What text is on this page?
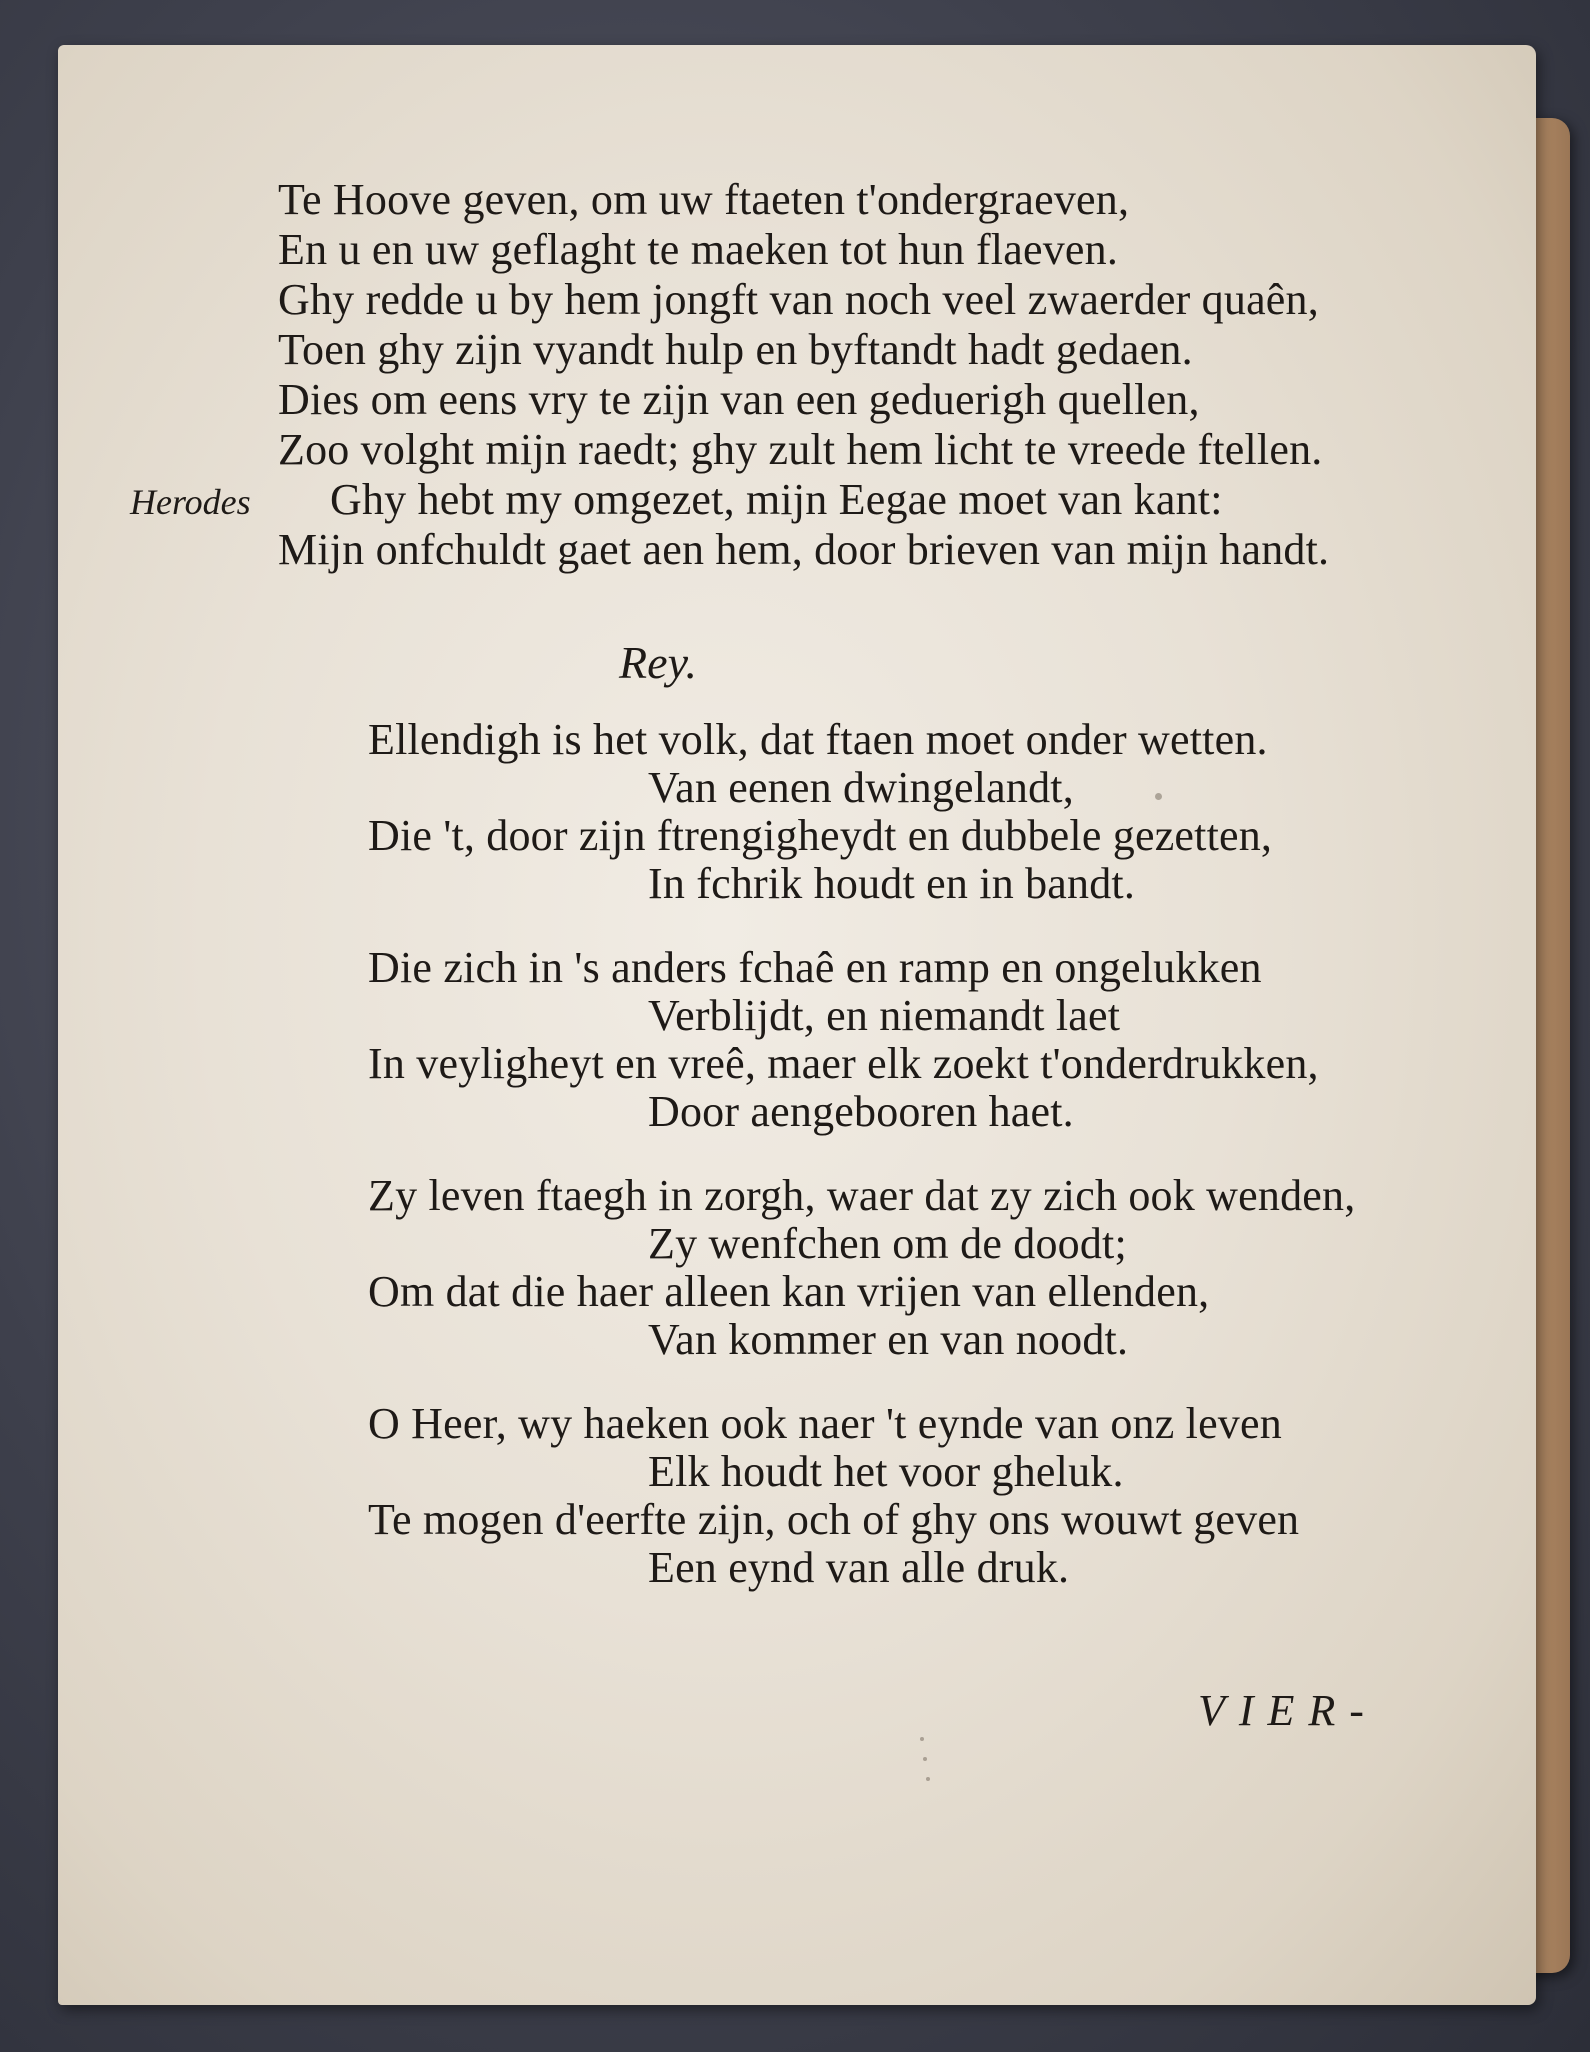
Te Hoove geven, om uw ftaeten t'ondergraeven,

En u en uw geflaght te maeken tot hun flaeven.

Ghy redde u by hem jongft van noch veel zwaerder quaên,

Toen ghy zijn vyandt hulp en byftandt hadt gedaen.

Dies om eens vry te zijn van een geduerigh quellen,

Zoo volght mijn raedt; ghy zult hem licht te vreede ftellen.

Herodes Ghy hebt my omgezet, mijn Eegae moet van kant:

Mijn onfchuldt gaet aen hem, door brieven van mijn handt.

Rey.

Ellendigh is het volk, dat ftaen moet onder wetten.

Van eenen dwingelandt,

Die 't, door zijn ftrengigheydt en dubbele gezetten,

In fchrik houdt en in bandt.

Die zich in 's anders fchaê en ramp en ongelukken

Verblijdt, en niemandt laet

In veyligheyt en vreê, maer elk zoekt t'onderdrukken,

Door aengebooren haet.

Zy leven ftaegh in zorgh, waer dat zy zich ook wenden,

Zy wenfchen om de doodt;

Om dat die haer alleen kan vrijen van ellenden,

Van kommer en van noodt.

O Heer, wy haeken ook naer 't eynde van onz leven

Elk houdt het voor gheluk.

Te mogen d'eerfte zijn, och of ghy ons wouwt geven

Een eynd van alle druk.

VIER-
